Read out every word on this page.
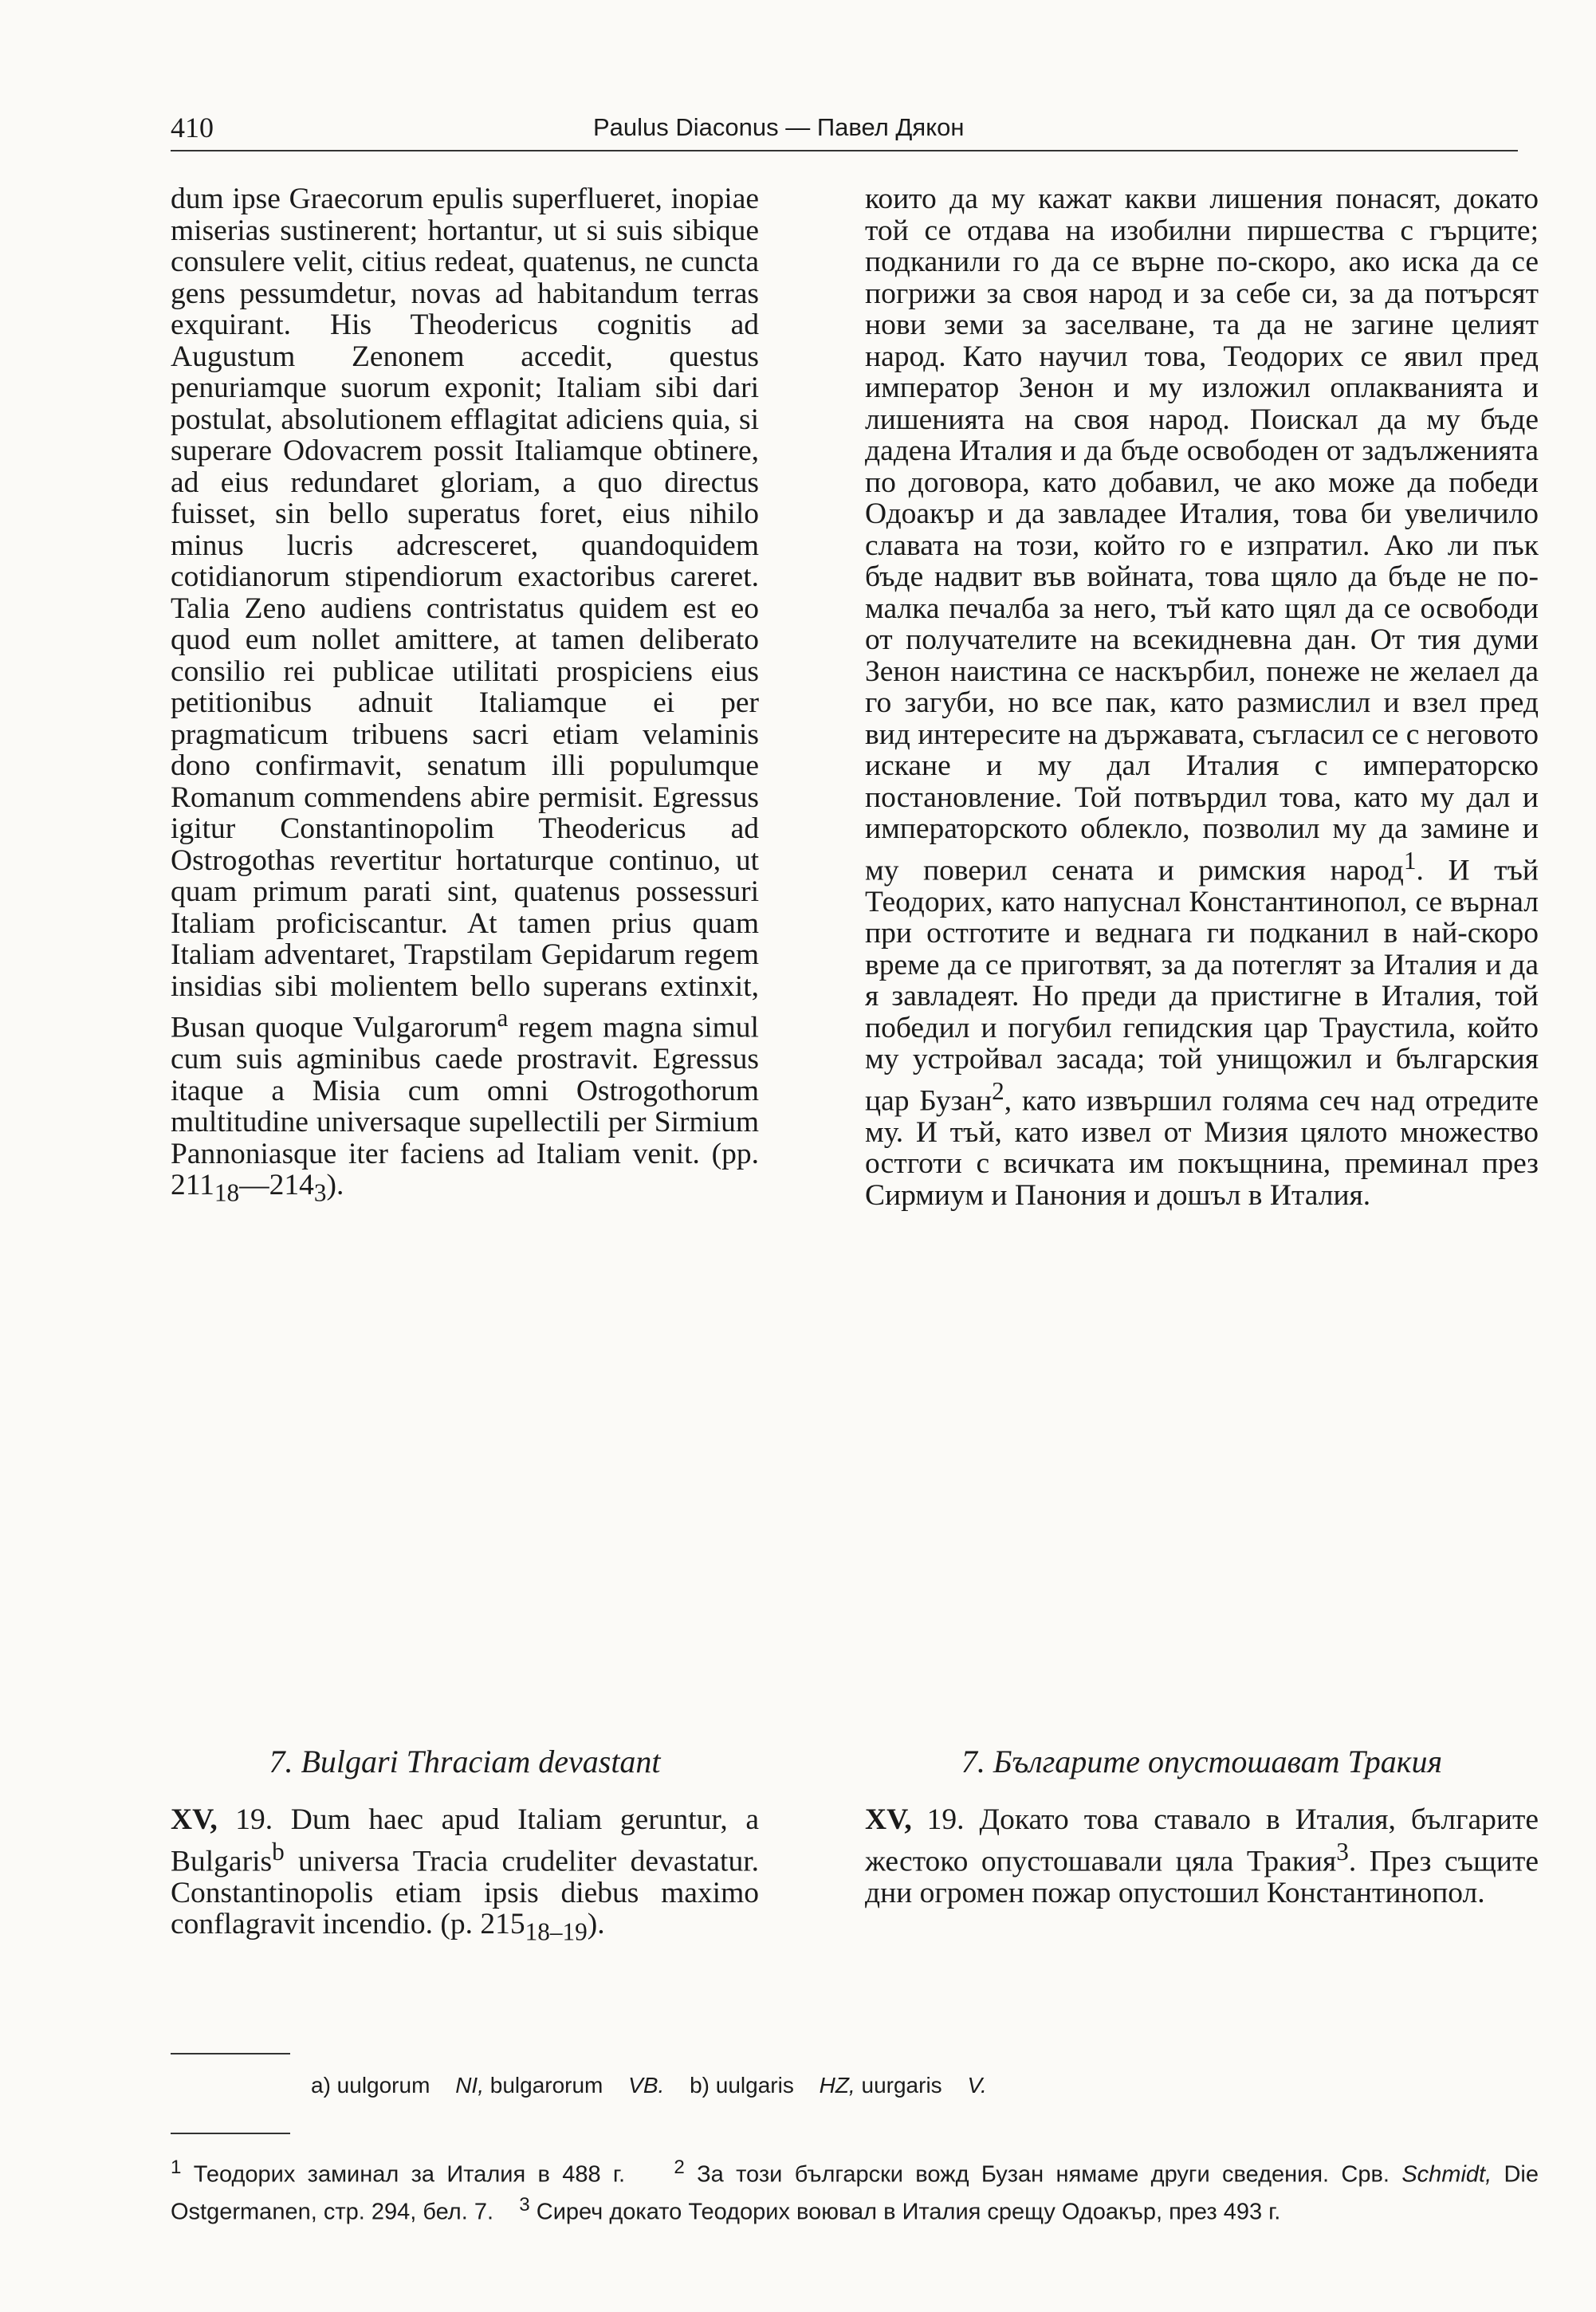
410	Paulus Diaconus — Павел Дякон

dum ipse Graecorum epulis superflueret, inopiae miserias sustinerent; hortantur, ut si suis sibique consulere velit, citius redeat, quatenus, ne cuncta gens pessumdetur, novas ad habitandum terras exquirant. His Theodericus cognitis ad Augustum Zenonem accedit, questus penuriamque suorum exponit; Italiam sibi dari postulat, absolutionem efflagitat adiciens quia, si superare Odovacrem possit Italiamque obtinere, ad eius redundaret gloriam, a quo directus fuisset, sin bello superatus foret, eius nihilo minus lucris adcresceret, quandoquidem cotidianorum stipendiorum exactoribus careret. Talia Zeno audiens contristatus quidem est eo quod eum nollet amittere, at tamen deliberato consilio rei publicae utilitati prospiciens eius petitionibus adnuit Italiamque ei per pragmaticum tribuens sacri etiam velaminis dono confirmavit, senatum illi populumque Romanum commendens abire permisit. Egressus igitur Constantinopolim Theodericus ad Ostrogothas revertitur hortaturque continuo, ut quam primum parati sint, quatenus possessuri Italiam proficiscantur. At tamen prius quam Italiam adventaret, Trapstilam Gepidarum regem insidias sibi molientem bello superans extinxit, Busan quoque Vulgarorum$^a$ regem magna simul cum suis agminibus caede prostravit. Egressus itaque a Misia cum omni Ostrogothorum multitudine universaque supellectili per Sirmium Pannoniasque iter faciens ad Italiam venit. (pp. $211_{18}—214_3$).

които да му кажат какви лишения понасят, докато той се отдава на изобилни пиршества с гърците; подканили го да се върне по-скоро, ако иска да се погрижи за своя народ и за себе си, за да потърсят нови земи за заселване, та да не загине целият народ. Като научил това, Теодорих се явил пред император Зенон и му изложил оплакванията и лишенията на своя народ. Поискал да му бъде дадена Италия и да бъде освободен от задълженията по договора, като добавил, че ако може да победи Одоакър и да завладее Италия, това би увеличило славата на този, който го е изпратил. Ако ли пък бъде надвит във войната, това щяло да бъде не по-малка печалба за него, тъй като щял да се освободи от получателите на всекидневна дан. От тия думи Зенон наистина се наскърбил, понеже не желаел да го загуби, но все пак, като размислил и взел пред вид интересите на държавата, съгласил се с неговото искане и му дал Италия с императорско постановление. Той потвърдил това, като му дал и императорското облекло, позволил му да замине и му поверил сената и римския народ$^1$. И тъй Теодорих, като напуснал Константинопол, се върнал при остготите и веднага ги подканил в най-скоро време да се приготвят, за да потеглят за Италия и да я завладеят. Но преди да пристигне в Италия, той победил и погубил гепидския цар Траустила, който му устройвал засада; той унищожил и българския цар Бузан$^2$, като извършил голяма сеч над отредите му. И тъй, като извел от Мизия цялото множество остготи с всичката им покъщнина, преминал през Сирмиум и Панония и дошъл в Италия.

7. Bulgari Thraciam devastant	7. Българите опустошават Тракия

XV, 19. Dum haec apud Italiam geruntur, a Bulgaris$^b$ universa Tracia crudeliter devastatur. Constantinopolis etiam ipsis diebus maximo conflagravit incendio. (p. $215_{18-19}$).

XV, 19. Докато това ставало в Италия, българите жестоко опустошавали цяла Тракия$^3$. През същите дни огромен пожар опустошил Константинопол.

a) uulgorum NI, bulgarorum VB. b) uulgaris HZ, uurgaris V.

$^1$ Теодорих заминал за Италия в 488 г.	$^2$ За този български вожд Бузан нямаме други сведения. Срв. Schmidt, Die Ostgermanen, стр. 294, бел. 7. $^3$ Сиреч докато Теодорих воювал в Италия срещу Одоакър, през 493 г.
